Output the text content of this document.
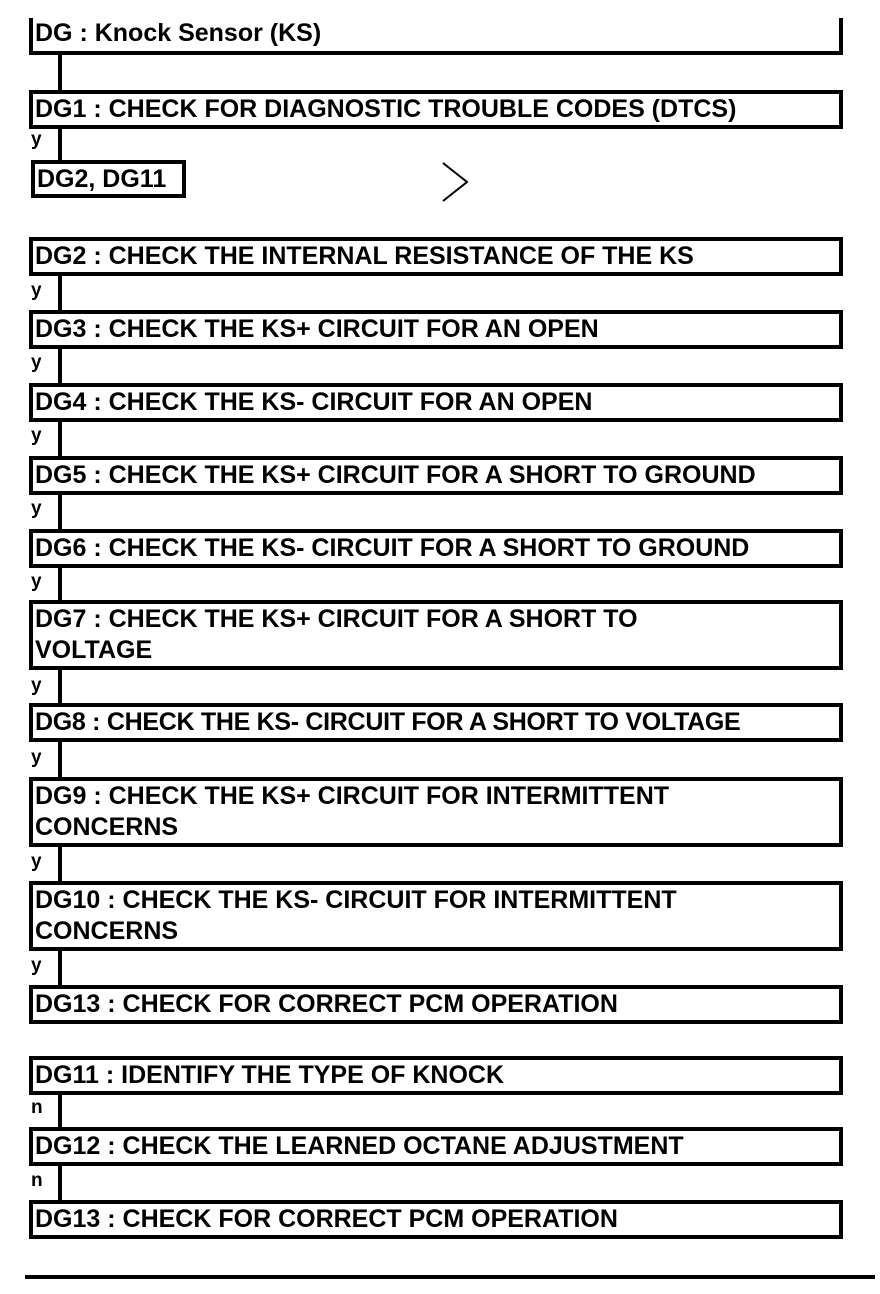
DG : Knock Sensor (KS)
DG1 : CHECK FOR DIAGNOSTIC TROUBLE CODES (DTCS)
y
DG2, DG11
DG2 : CHECK THE INTERNAL RESISTANCE OF THE KS
y
DG3 : CHECK THE KS+ CIRCUIT FOR AN OPEN
y
DG4 : CHECK THE KS- CIRCUIT FOR AN OPEN
y
DG5 : CHECK THE KS+ CIRCUIT FOR A SHORT TO GROUND
y
DG6 : CHECK THE KS- CIRCUIT FOR A SHORT TO GROUND
y
DG7 : CHECK THE KS+ CIRCUIT FOR A SHORT TO VOLTAGE
y
DG8 : CHECK THE KS- CIRCUIT FOR A SHORT TO VOLTAGE
y
DG9 : CHECK THE KS+ CIRCUIT FOR INTERMITTENT CONCERNS
y
DG10 : CHECK THE KS- CIRCUIT FOR INTERMITTENT CONCERNS
y
DG13 : CHECK FOR CORRECT PCM OPERATION
DG11 : IDENTIFY THE TYPE OF KNOCK
n
DG12 : CHECK THE LEARNED OCTANE ADJUSTMENT
n
DG13 : CHECK FOR CORRECT PCM OPERATION
